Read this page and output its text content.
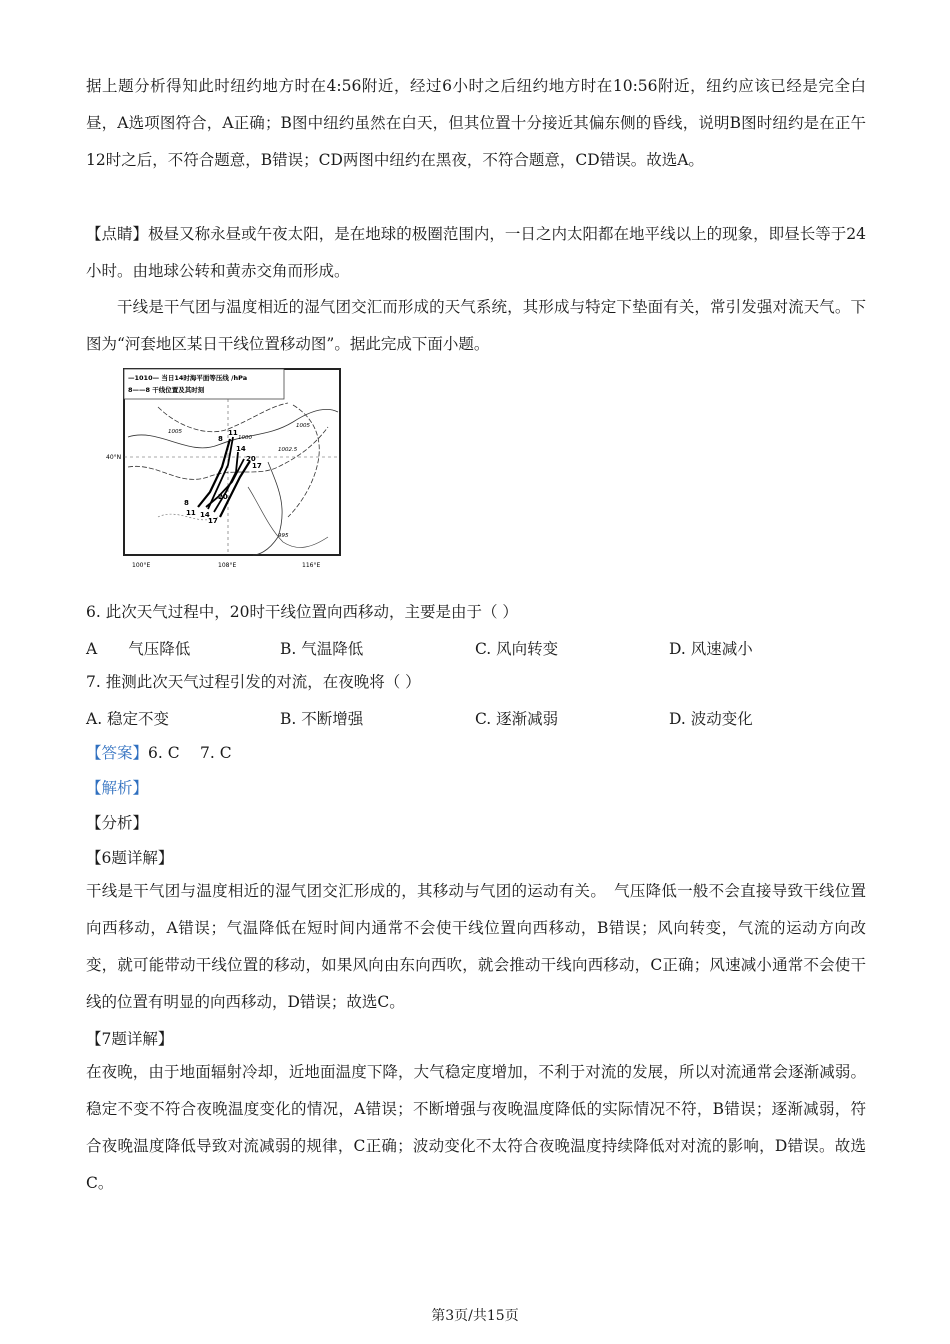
据上题分析得知此时纽约地方时在4:56附近，经过6小时之后纽约地方时在10:56附近，纽约应该已经是完全白昼，A选项图符合，A正确；B图中纽约虽然在白天，但其位置十分接近其偏东侧的昏线，说明B图时纽约是在正午12时之后，不符合题意，B错误；CD两图中纽约在黑夜，不符合题意，CD错误。故选A。

【点睛】极昼又称永昼或午夜太阳，是在地球的极圈范围内，一日之内太阳都在地平线以上的现象，即昼长等于24小时。由地球公转和黄赤交角而形成。

干线是干气团与温度相近的湿气团交汇而形成的天气系统，其形成与特定下垫面有关，常引发强对流天气。下图为“河套地区某日干线位置移动图”。据此完成下面小题。

—1010— 当日14时海平面等压线 /hPa
8——8 干线位置及其时刻
40°N
100°E	108°E	116°E
1005
1000
1002.5
1005
995
8
11
14
20
17
8
11 14
20
17
6. 此次天气过程中，20时干线位置向西移动，主要是由于（ ）
A　　气压降低	B. 气温降低	C. 风向转变	D. 风速减小
7. 推测此次天气过程引发的对流，在夜晚将（ ）
A. 稳定不变	B. 不断增强	C. 逐渐减弱	D. 波动变化
【答案】6. C　 7. C
【解析】
【分析】
【6题详解】

干线是干气团与温度相近的湿气团交汇形成的，其移动与气团的运动有关。　气压降低一般不会直接导致干线位置向西移动，A错误；气温降低在短时间内通常不会使干线位置向西移动，B错误；风向转变，气流的运动方向改变，就可能带动干线位置的移动，如果风向由东向西吹，就会推动干线向西移动，C正确；风速减小通常不会使干线的位置有明显的向西移动，D错误；故选C。

【7题详解】

在夜晚，由于地面辐射冷却，近地面温度下降，大气稳定度增加，不利于对流的发展，所以对流通常会逐渐减弱。稳定不变不符合夜晚温度变化的情况，A错误；不断增强与夜晚温度降低的实际情况不符，B错误；逐渐减弱，符合夜晚温度降低导致对流减弱的规律，C正确；波动变化不太符合夜晚温度持续降低对对流的影响，D错误。故选C。

第3页/共15页
